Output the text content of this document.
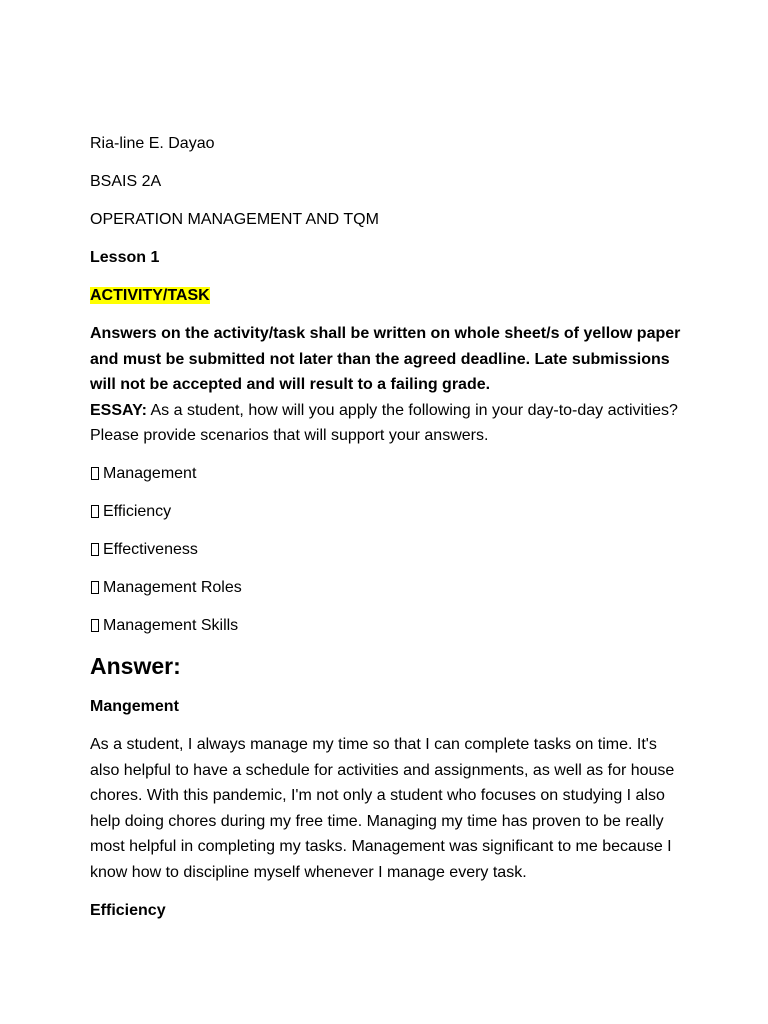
Ria-line E. Dayao

BSAIS 2A

OPERATION MANAGEMENT AND TQM

Lesson 1

ACTIVITY/TASK

Answers on the activity/task shall be written on whole sheet/s of yellow paper and must be submitted not later than the agreed deadline. Late submissions will not be accepted and will result to a failing grade.

ESSAY: As a student, how will you apply the following in your day-to-day activities? Please provide scenarios that will support your answers.

Management
Efficiency
Effectiveness
Management Roles
Management Skills
Answer:

Mangement

As a student, I always manage my time so that I can complete tasks on time. It's also helpful to have a schedule for activities and assignments, as well as for house chores. With this pandemic, I'm not only a student who focuses on studying I also help doing chores during my free time. Managing my time has proven to be really most helpful in completing my tasks. Management was significant to me because I know how to discipline myself whenever I manage every task.

Efficiency
